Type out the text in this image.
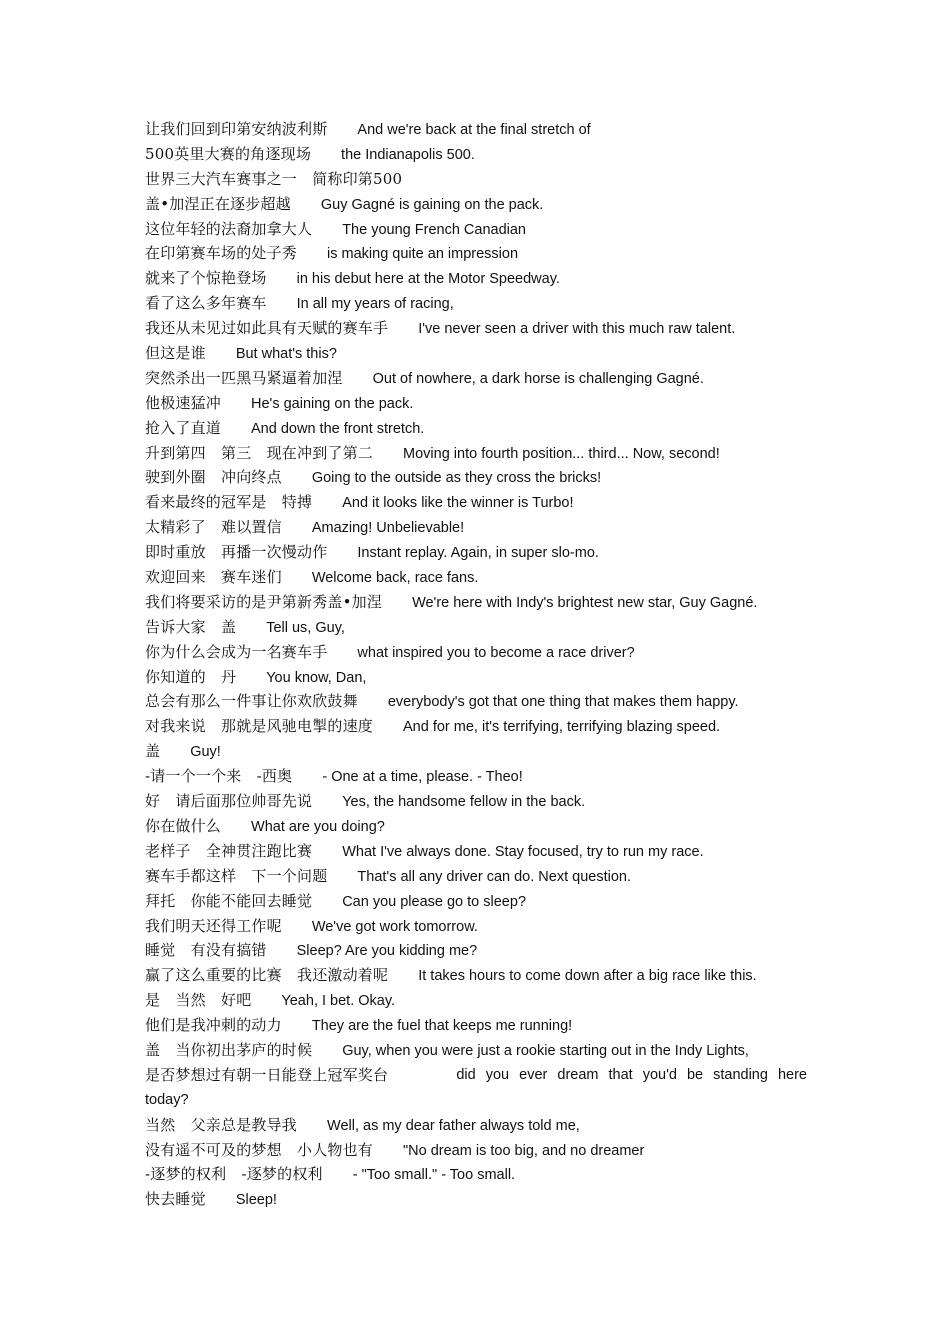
让我们回到印第安纳波利斯 And we're back at the final stretch of
500英里大赛的角逐现场 the Indianapolis 500.
世界三大汽车赛事之一　简称印第500
盖•加涅正在逐步超越 Guy Gagné is gaining on the pack.
这位年轻的法裔加拿大人 The young French Canadian
在印第赛车场的处子秀 is making quite an impression
就来了个惊艳登场 in his debut here at the Motor Speedway.
看了这么多年赛车 In all my years of racing,
我还从未见过如此具有天赋的赛车手 I've never seen a driver with this much raw talent.
但这是谁 But what's this?
突然杀出一匹黑马紧逼着加涅 Out of nowhere, a dark horse is challenging Gagné.
他极速猛冲 He's gaining on the pack.
抢入了直道 And down the front stretch.
升到第四　第三　现在冲到了第二 Moving into fourth position... third... Now, second!
驶到外圈　冲向终点 Going to the outside as they cross the bricks!
看来最终的冠军是　特搏 And it looks like the winner is Turbo!
太精彩了　难以置信 Amazing! Unbelievable!
即时重放　再播一次慢动作 Instant replay. Again, in super slo-mo.
欢迎回来　赛车迷们 Welcome back, race fans.
我们将要采访的是尹第新秀盖•加涅 We're here with Indy's brightest new star, Guy Gagné.
告诉大家　盖 Tell us, Guy,
你为什么会成为一名赛车手 what inspired you to become a race driver?
你知道的　丹 You know, Dan,
总会有那么一件事让你欢欣鼓舞 everybody's got that one thing that makes them happy.
对我来说　那就是风驰电掣的速度 And for me, it's terrifying, terrifying blazing speed.
盖 Guy!
-请一个一个来　-西奥 - One at a time, please. - Theo!
好　请后面那位帅哥先说 Yes, the handsome fellow in the back.
你在做什么 What are you doing?
老样子　全神贯注跑比赛 What I've always done. Stay focused, try to run my race.
赛车手都这样　下一个问题 That's all any driver can do. Next question.
拜托　你能不能回去睡觉 Can you please go to sleep?
我们明天还得工作呢 We've got work tomorrow.
睡觉　有没有搞错 Sleep? Are you kidding me?
赢了这么重要的比赛　我还激动着呢 It takes hours to come down after a big race like this.
是　当然　好吧 Yeah, I bet. Okay.
他们是我冲刺的动力 They are the fuel that keeps me running!
盖　当你初出茅庐的时候 Guy, when you were just a rookie starting out in the Indy Lights,
是否梦想过有朝一日能登上冠军奖台	did you ever dream that you'd be standing here
today?
当然　父亲总是教导我 Well, as my dear father always told me,
没有遥不可及的梦想　小人物也有 "No dream is too big, and no dreamer
-逐梦的权利　-逐梦的权利 - "Too small." - Too small.
快去睡觉 Sleep!
